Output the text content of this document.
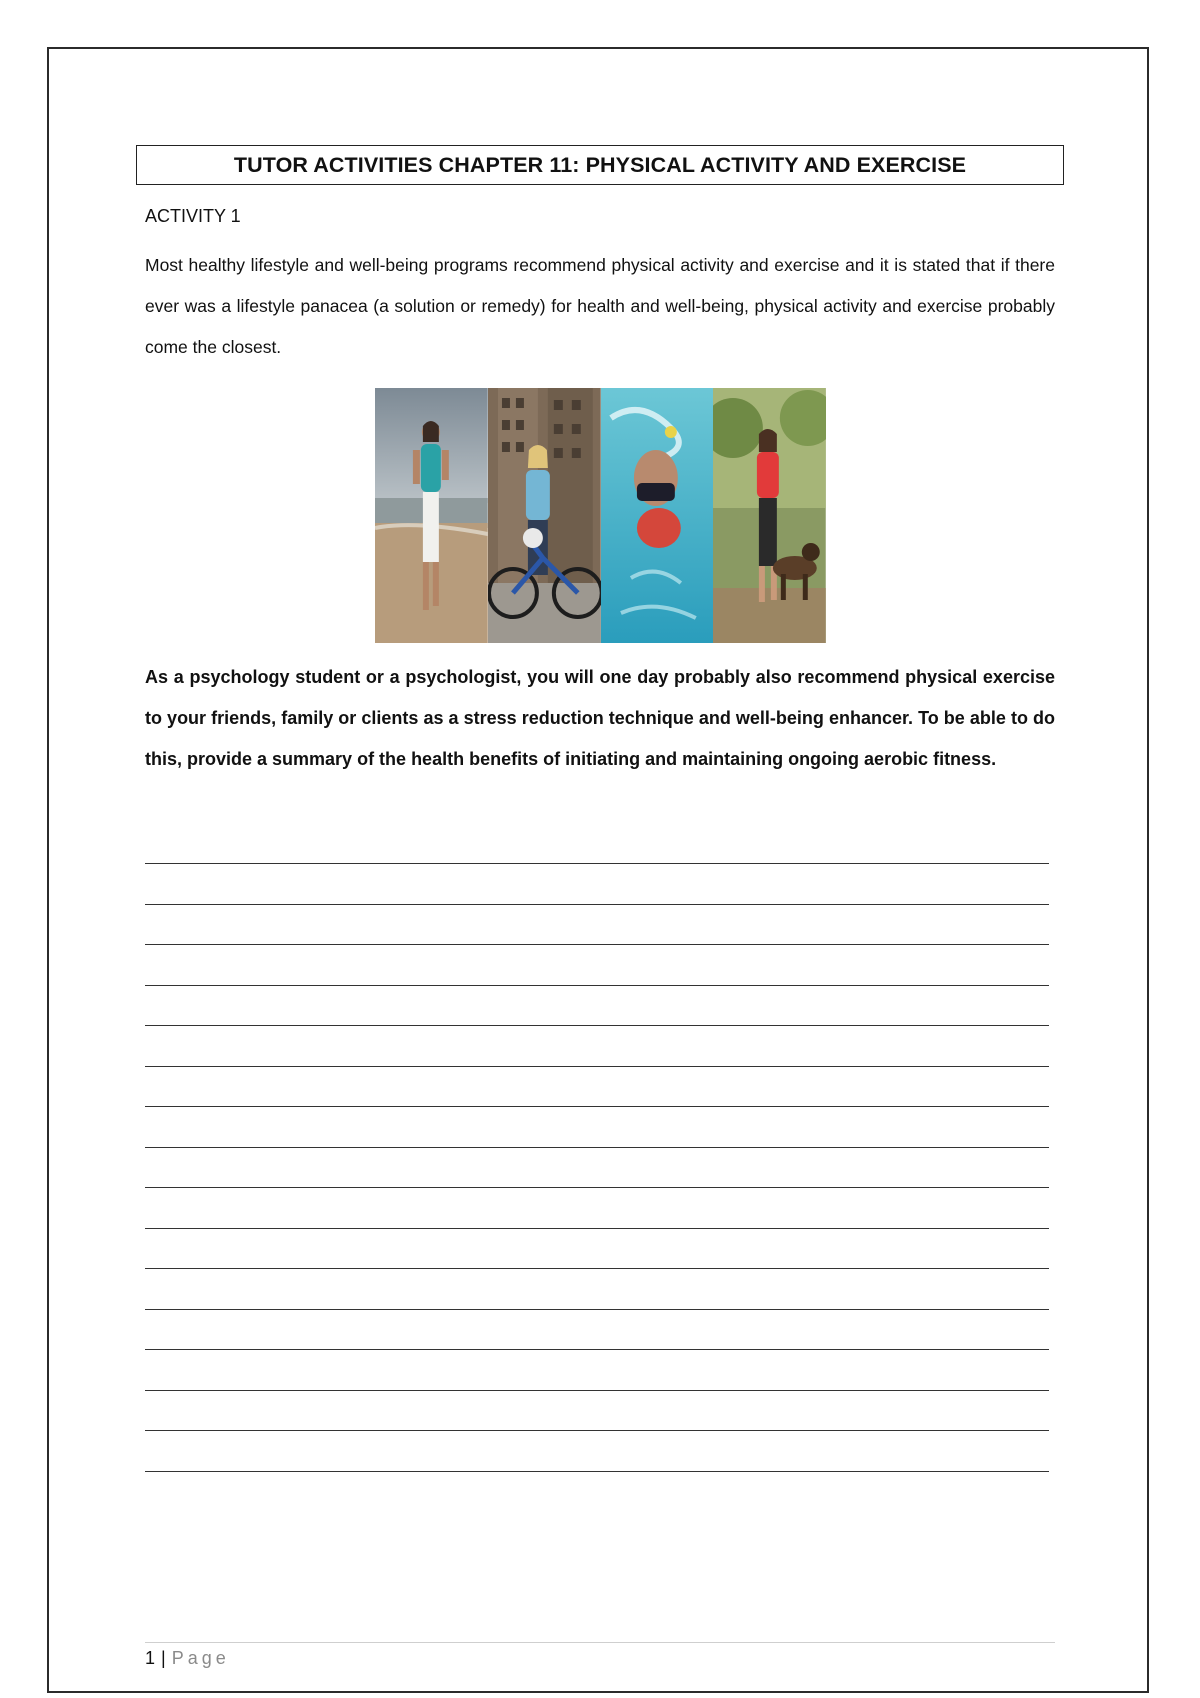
TUTOR ACTIVITIES CHAPTER 11: PHYSICAL ACTIVITY AND EXERCISE
ACTIVITY 1

Most healthy lifestyle and well-being programs recommend physical activity and exercise and it is stated that if there ever was a lifestyle panacea (a solution or remedy) for health and well-being, physical activity and exercise probably come the closest.

As a psychology student or a psychologist, you will one day probably also recommend physical exercise to your friends, family or clients as a stress reduction technique and well-being enhancer. To be able to do this, provide a summary of the health benefits of initiating and maintaining ongoing aerobic fitness.

1 | Page
